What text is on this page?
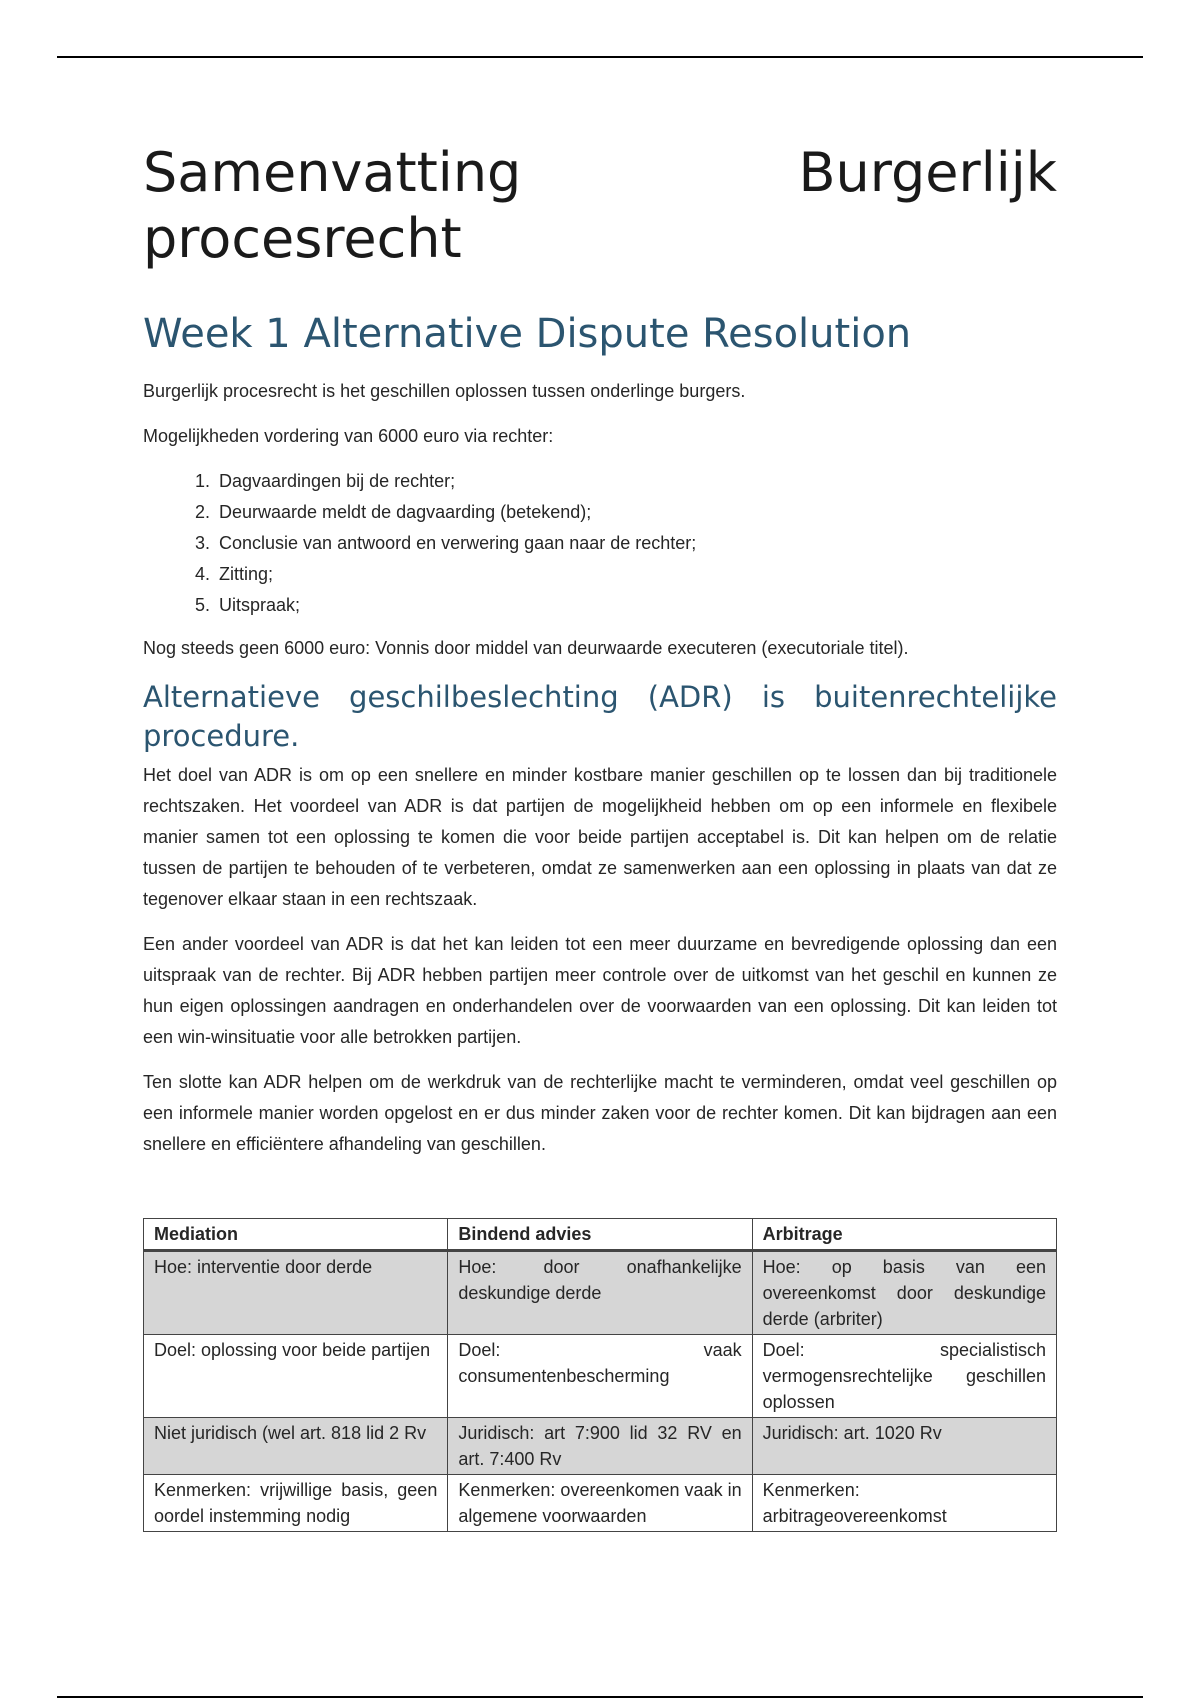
Samenvatting Burgerlijk procesrecht
Week 1 Alternative Dispute Resolution

Burgerlijk procesrecht is het geschillen oplossen tussen onderlinge burgers.

Mogelijkheden vordering van 6000 euro via rechter:

1. Dagvaardingen bij de rechter;
2. Deurwaarde meldt de dagvaarding (betekend);
3. Conclusie van antwoord en verwering gaan naar de rechter;
4. Zitting;
5. Uitspraak;

Nog steeds geen 6000 euro: Vonnis door middel van deurwaarde executeren (executoriale titel).

Alternatieve geschilbeslechting (ADR) is buitenrechtelijke procedure.

Het doel van ADR is om op een snellere en minder kostbare manier geschillen op te lossen dan bij traditionele rechtszaken. Het voordeel van ADR is dat partijen de mogelijkheid hebben om op een informele en flexibele manier samen tot een oplossing te komen die voor beide partijen acceptabel is. Dit kan helpen om de relatie tussen de partijen te behouden of te verbeteren, omdat ze samenwerken aan een oplossing in plaats van dat ze tegenover elkaar staan in een rechtszaak.

Een ander voordeel van ADR is dat het kan leiden tot een meer duurzame en bevredigende oplossing dan een uitspraak van de rechter. Bij ADR hebben partijen meer controle over de uitkomst van het geschil en kunnen ze hun eigen oplossingen aandragen en onderhandelen over de voorwaarden van een oplossing. Dit kan leiden tot een win-winsituatie voor alle betrokken partijen.

Ten slotte kan ADR helpen om de werkdruk van de rechterlijke macht te verminderen, omdat veel geschillen op een informele manier worden opgelost en er dus minder zaken voor de rechter komen. Dit kan bijdragen aan een snellere en efficiëntere afhandeling van geschillen.

Mediation	Bindend advies	Arbitrage
Hoe: interventie door derde	Hoe: door onafhankelijke deskundige derde	Hoe: op basis van een overeenkomst door deskundige derde (arbriter)
Doel: oplossing voor beide partijen	Doel: vaak consumentenbescherming	Doel: specialistisch vermogensrechtelijke geschillen oplossen
Niet juridisch (wel art. 818 lid 2 Rv	Juridisch: art 7:900 lid 32 RV en art. 7:400 Rv	Juridisch: art. 1020 Rv
Kenmerken: vrijwillige basis, geen oordel instemming nodig	Kenmerken: overeenkomen vaak in algemene voorwaarden	Kenmerken: arbitrageovereenkomst
